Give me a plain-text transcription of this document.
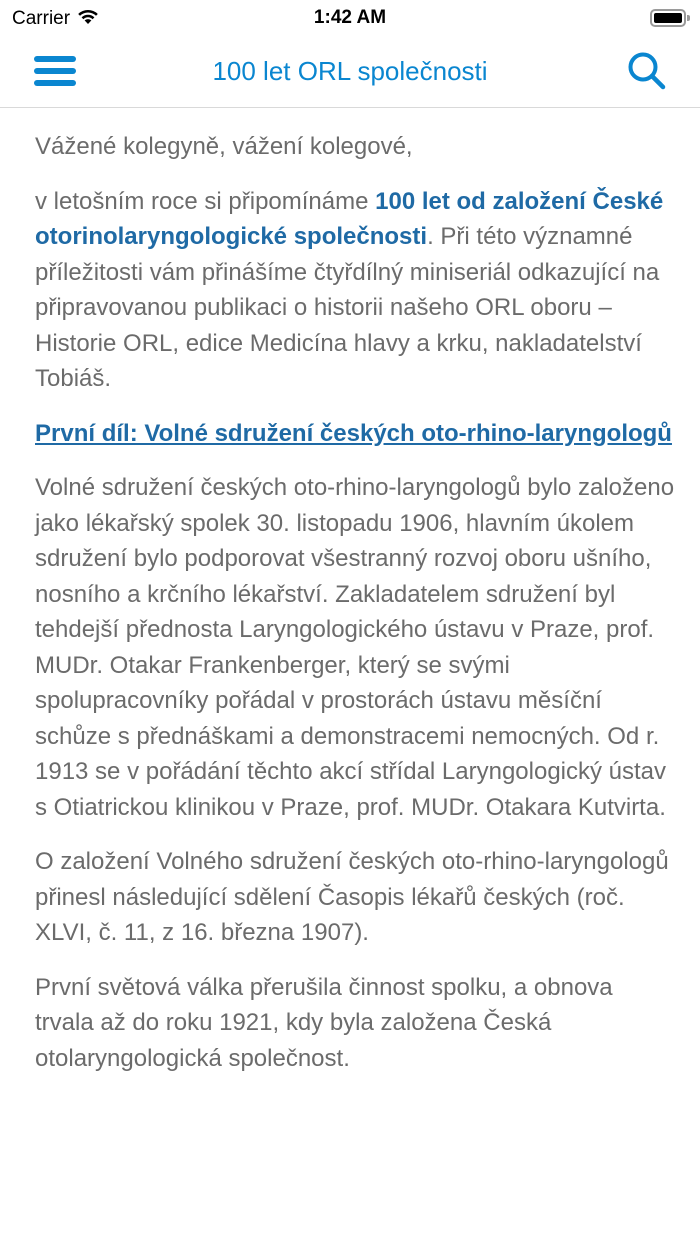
Carrier	1:42 AM
100 let ORL společnosti

Vážené kolegyně, vážení kolegové,

v letošním roce si připomínáme 100 let od založení České otorinolaryngologické společnosti. Při této významné příležitosti vám přinášíme čtyřdílný miniseriál odkazující na připravovanou publikaci o historii našeho ORL oboru – Historie ORL, edice Medicína hlavy a krku, nakladatelství Tobiáš.

První díl: Volné sdružení českých oto-rhino-laryngologů

Volné sdružení českých oto-rhino-laryngologů bylo založeno jako lékařský spolek 30. listopadu 1906, hlavním úkolem sdružení bylo podporovat všestranný rozvoj oboru ušního, nosního a krčního lékařství. Zakladatelem sdružení byl tehdejší přednosta Laryngologického ústavu v Praze, prof. MUDr. Otakar Frankenberger, který se svými spolupracovníky pořádal v prostorách ústavu měsíční schůze s přednáškami a demonstracemi nemocných. Od r. 1913 se v pořádání těchto akcí střídal Laryngologický ústav s Otiatrickou klinikou v Praze, prof. MUDr. Otakara Kutvirta.

O založení Volného sdružení českých oto-rhino-laryngologů přinesl následující sdělení Časopis lékařů českých (roč. XLVI, č. 11, z 16. března 1907).

První světová válka přerušila činnost spolku, a obnova trvala až do roku 1921, kdy byla založena Česká otolaryngologická společnost.
